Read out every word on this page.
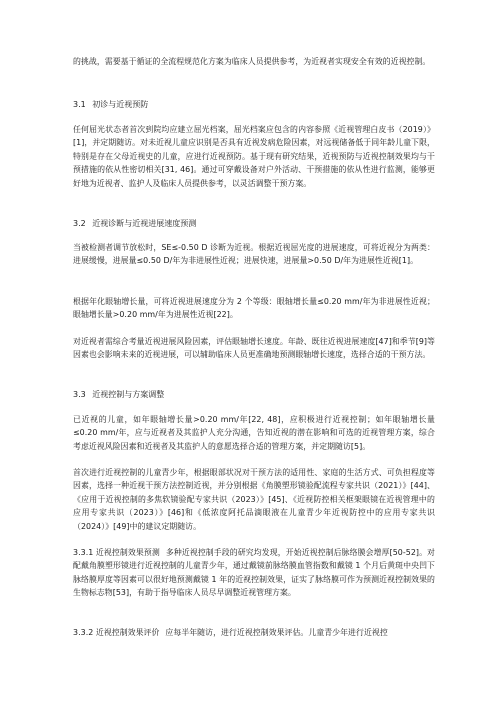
的挑战，需要基于循证的全流程规范化方案为临床人员提供参考，为近视者实现安全有效的近视控制。

3.1 初诊与近视预防

任何屈光状态者首次到院均应建立屈光档案，屈光档案应包含的内容参照《近视管理白皮书（2019）》[1]，并定期随访。对未近视儿童应识别是否具有近视发病危险因素，对远视储备低于同年龄儿童下限，特别是存在父母近视史的儿童，应进行近视预防。基于现有研究结果，近视预防与近视控制效果均与干预措施的依从性密切相关[31, 46]。通过可穿戴设备对户外活动、干预措施的依从性进行监测，能够更好地为近视者、监护人及临床人员提供参考，以灵活调整干预方案。

3.2 近视诊断与近视进展速度预测

当被检测者调节放松时，SE≤-0.50 D 诊断为近视。根据近视屈光度的进展速度，可将近视分为两类：进展缓慢，进展量≤0.50 D/年为非进展性近视；进展快速，进展量>0.50 D/年为进展性近视[1]。

根据年化眼轴增长量，可将近视进展速度分为 2 个等级：眼轴增长量≤0.20 mm/年为非进展性近视；眼轴增长量>0.20 mm/年为进展性近视[22]。

对近视者需综合考量近视进展风险因素，评估眼轴增长速度。年龄、既往近视进展速度[47]和季节[9]等因素也会影响未来的近视进展，可以辅助临床人员更准确地预测眼轴增长速度，选择合适的干预方法。

3.3 近视控制与方案调整

已近视的儿童，如年眼轴增长量>0.20 mm/年[22, 48]，应积极进行近视控制；如年眼轴增长量≤0.20 mm/年，应与近视者及其监护人充分沟通，告知近视的潜在影响和可选的近视管理方案，综合考虑近视风险因素和近视者及其监护人的意愿选择合适的管理方案，并定期随访[5]。

首次进行近视控制的儿童青少年，根据眼部状况对干预方法的适用性、家庭的生活方式、可负担程度等因素，选择一种近视干预方法控制近视，并分别根据《角膜塑形镜验配流程专家共识（2021）》[44]、《应用于近视控制的多焦软镜验配专家共识（2023）》[45]、《近视防控相关框架眼镜在近视管理中的应用专家共识（2023）》[46]和《低浓度阿托品滴眼液在儿童青少年近视防控中的应用专家共识（2024）》[49]中的建议定期随访。

3.3.1 近视控制效果预测 多种近视控制手段的研究均发现，开始近视控制后脉络膜会增厚[50-52]。对配戴角膜塑形镜进行近视控制的儿童青少年，通过戴镜前脉络膜血管指数和戴镜 1 个月后黄斑中央凹下脉络膜厚度等因素可以很好地预测戴镜 1 年的近视控制效果，证实了脉络膜可作为预测近视控制效果的生物标志物[53]，有助于指导临床人员尽早调整近视管理方案。

3.3.2 近视控制效果评价 应每半年随访，进行近视控制效果评估。儿童青少年进行近视控
